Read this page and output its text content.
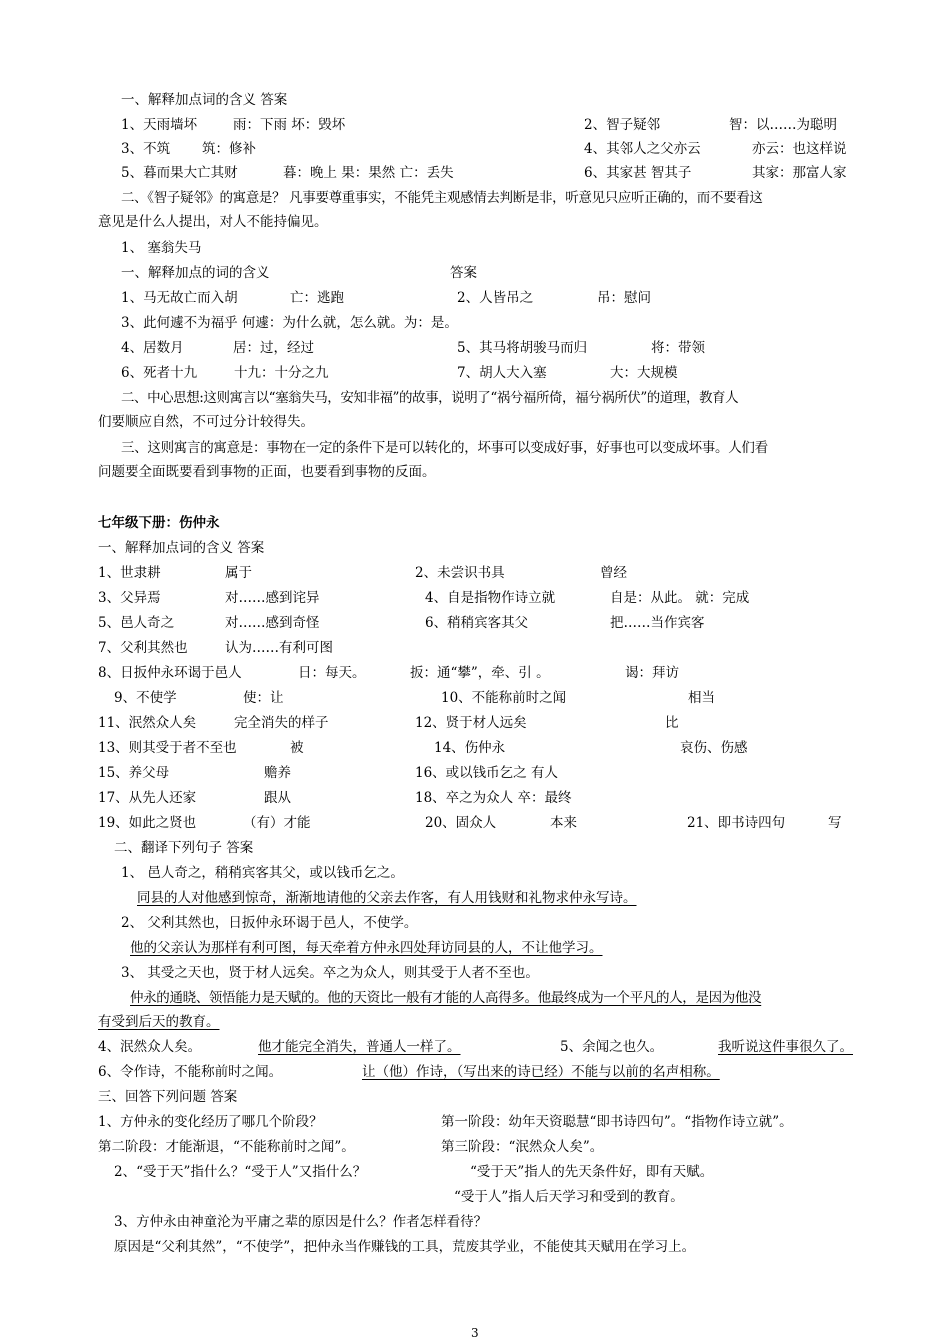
一、解释加点词的含义 答案
1、天雨墙坏	雨：下雨 坏：毁坏	2、智子疑邻	智：以……为聪明
3、不筑 筑：修补	4、其邻人之父亦云	亦云：也这样说
5、暮而果大亡其财	暮：晚上 果：果然 亡：丢失	6、其家甚 智其子	其家：那富人家
二、《智子疑邻》的寓意是？ 凡事要尊重事实，不能凭主观感情去判断是非，听意见只应听正确的，而不要看这
意见是什么人提出，对人不能持偏见。
1、 塞翁失马
一、解释加点的词的含义	答案
1、马无故亡而入胡	亡：逃跑	2、人皆吊之	吊：慰问
3、此何遽不为福乎 何遽：为什么就，怎么就。为：是。
4、居数月	居：过，经过	5、其马将胡骏马而归	将：带领
6、死者十九	十九：十分之九	7、胡人大入塞	大：大规模
二、中心思想:这则寓言以“塞翁失马，安知非福”的故事，说明了“祸兮福所倚，福兮祸所伏”的道理，教育人
们要顺应自然，不可过分计较得失。
三、这则寓言的寓意是：事物在一定的条件下是可以转化的，坏事可以变成好事，好事也可以变成坏事。人们看
问题要全面既要看到事物的正面，也要看到事物的反面。
七年级下册：伤仲永
一、解释加点词的含义 答案
1、世隶耕	属于	2、未尝识书具	曾经
3、父异焉	对……感到诧异	4、自是指物作诗立就	自是：从此。 就：完成
5、邑人奇之	对……感到奇怪	6、稍稍宾客其父	把……当作宾客
7、父利其然也	认为……有利可图
8、日扳仲永环谒于邑人	日：每天。	扳：通“攀”，牵、引 。	谒：拜访
9、不使学	使：让	10、不能称前时之闻	相当
11、泯然众人矣	完全消失的样子	12、贤于材人远矣	比
13、则其受于者不至也	被	14、伤仲永	哀伤、伤感
15、养父母	赡养	16、或以钱币乞之 有人
17、从先人还家	跟从	18、卒之为众人 卒：最终
19、如此之贤也	（有）才能	20、固众人	本来	21、即书诗四句	写
二、翻译下列句子 答案
1、 邑人奇之，稍稍宾客其父，或以钱币乞之。
同县的人对他感到惊奇，渐渐地请他的父亲去作客，有人用钱财和礼物求仲永写诗。
2、 父利其然也，日扳仲永环谒于邑人，不使学。
他的父亲认为那样有利可图，每天牵着方仲永四处拜访同县的人，不让他学习。
3、 其受之天也，贤于材人远矣。卒之为众人，则其受于人者不至也。
仲永的通晓、领悟能力是天赋的。他的天资比一般有才能的人高得多。他最终成为一个平凡的人，是因为他没
有受到后天的教育。
4、泯然众人矣。	他才能完全消失，普通人一样了。	5、余闻之也久。	我听说这件事很久了。
6、令作诗，不能称前时之闻。	让（他）作诗，（写出来的诗已经）不能与以前的名声相称。
三、回答下列问题 答案
1、方仲永的变化经历了哪几个阶段？	第一阶段：幼年天资聪慧“即书诗四句”。“指物作诗立就”。
第二阶段：才能渐退，“不能称前时之闻”。	第三阶段：“泯然众人矣”。
2、“受于天”指什么？“受于人”又指什么？	“受于天”指人的先天条件好，即有天赋。
“受于人”指人后天学习和受到的教育。
3、方仲永由神童沦为平庸之辈的原因是什么？作者怎样看待？
原因是“父利其然”，“不使学”，把仲永当作赚钱的工具，荒废其学业，不能使其天赋用在学习上。
3
